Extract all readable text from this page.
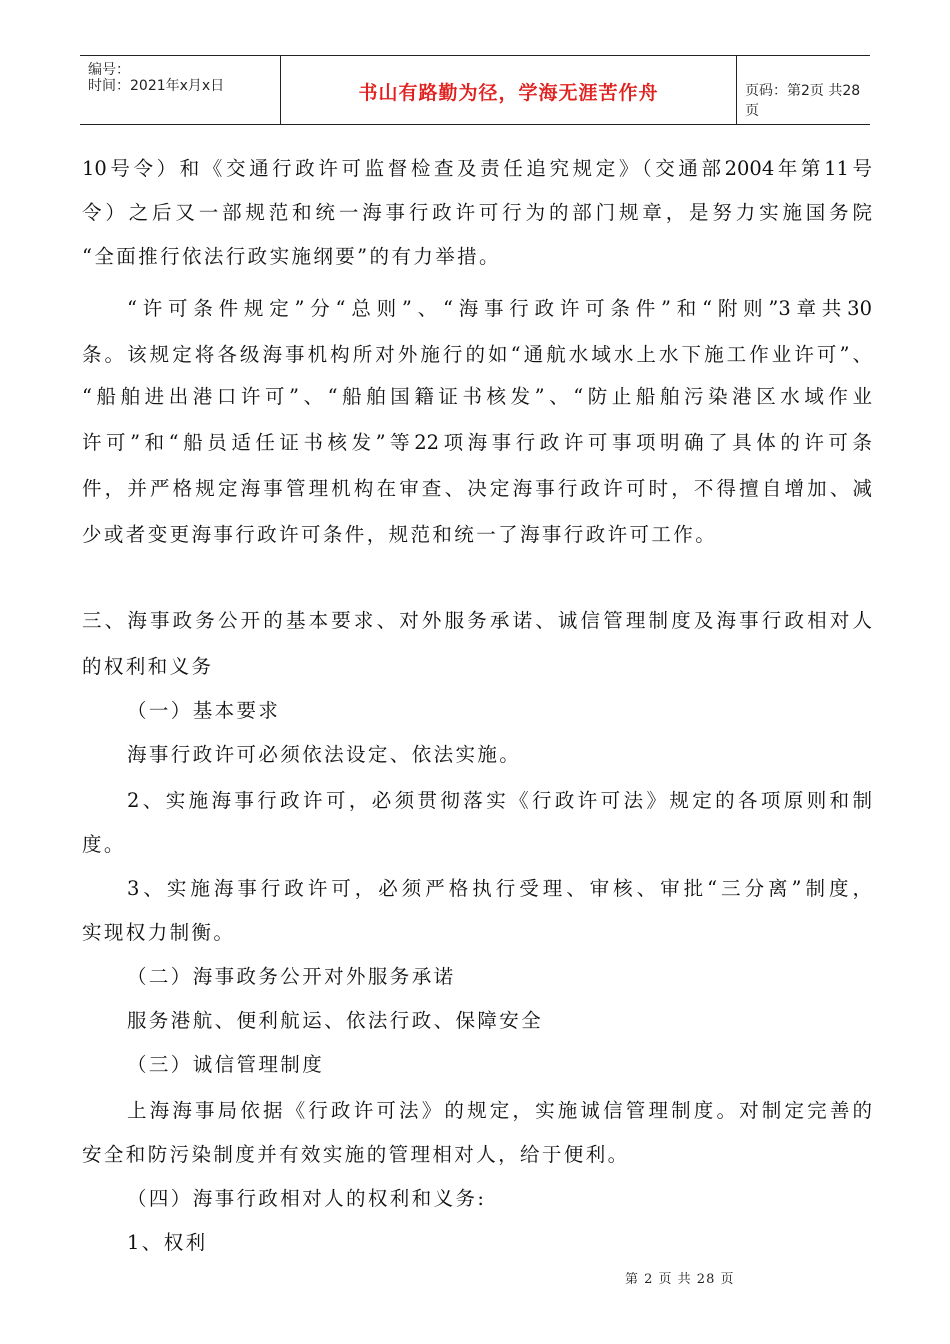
编号：
时间：2021年x月x日	书山有路勤为径，学海无涯苦作舟	页码：第2页 共28页
10号令）和《交通行政许可监督检查及责任追究规定》（交通部2004年第11号
令）之后又一部规范和统一海事行政许可行为的部门规章，是努力实施国务院
“全面推行依法行政实施纲要”的有力举措。
“许可条件规定”分“总则”、“海事行政许可条件”和“附则”3章共30
条。该规定将各级海事机构所对外施行的如“通航水域水上水下施工作业许可”、
“船舶进出港口许可”、“船舶国籍证书核发”、“防止船舶污染港区水域作业
许可”和“船员适任证书核发”等22项海事行政许可事项明确了具体的许可条
件，并严格规定海事管理机构在审查、决定海事行政许可时，不得擅自增加、减
少或者变更海事行政许可条件，规范和统一了海事行政许可工作。
三、海事政务公开的基本要求、对外服务承诺、诚信管理制度及海事行政相对人
的权利和义务
（一）基本要求
海事行政许可必须依法设定、依法实施。
2、实施海事行政许可，必须贯彻落实《行政许可法》规定的各项原则和制
度。
3、实施海事行政许可，必须严格执行受理、审核、审批“三分离”制度，
实现权力制衡。
（二）海事政务公开对外服务承诺
服务港航、便利航运、依法行政、保障安全
（三）诚信管理制度
上海海事局依据《行政许可法》的规定，实施诚信管理制度。对制定完善的
安全和防污染制度并有效实施的管理相对人，给于便利。
（四）海事行政相对人的权利和义务:
1、权利
第 2 页 共 28 页
